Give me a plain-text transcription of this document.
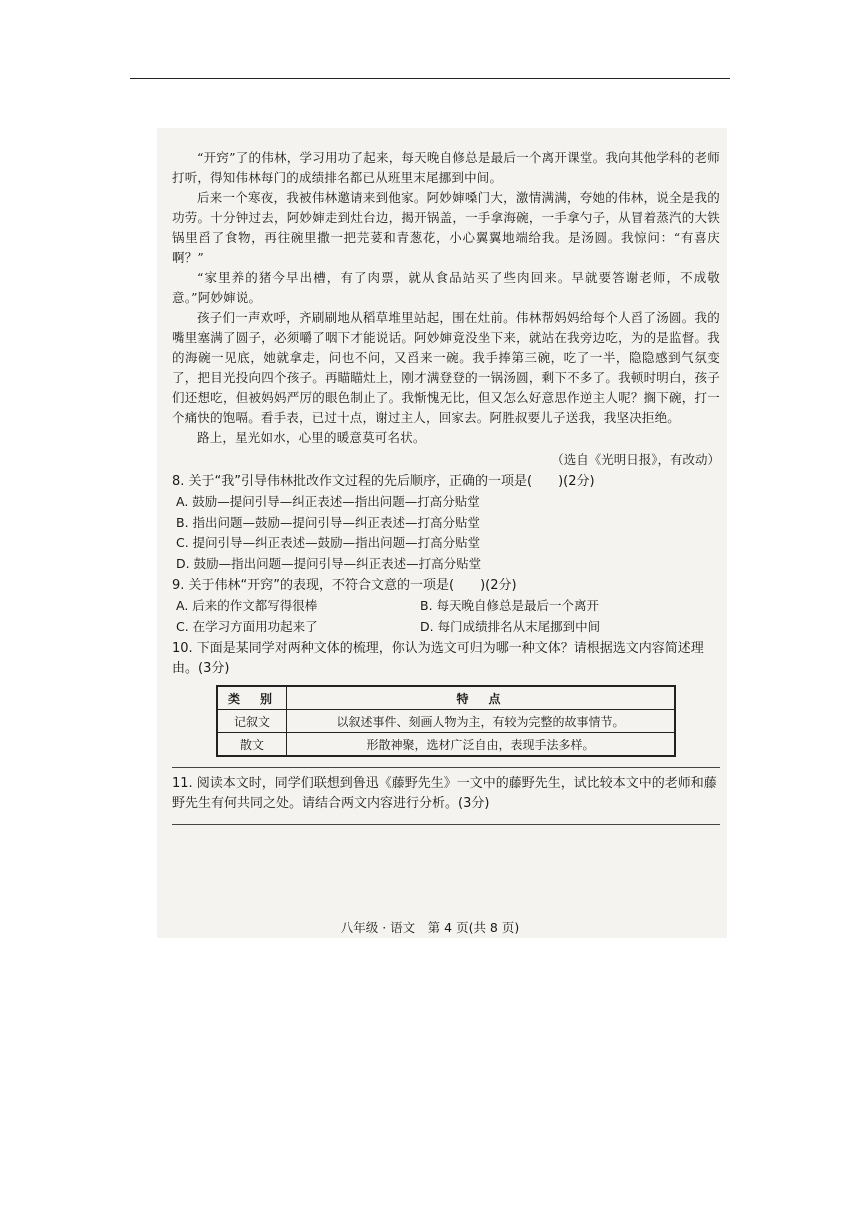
“开窍”了的伟林，学习用功了起来，每天晚自修总是最后一个离开课堂。我向其他学科的老师打听，得知伟林每门的成绩排名都已从班里末尾挪到中间。

后来一个寒夜，我被伟林邀请来到他家。阿妙婶嗓门大，激情满满，夸她的伟林，说全是我的功劳。十分钟过去，阿妙婶走到灶台边，揭开锅盖，一手拿海碗，一手拿勺子，从冒着蒸汽的大铁锅里舀了食物，再往碗里撒一把芫荽和青葱花，小心翼翼地端给我。是汤圆。我惊问：“有喜庆啊？”

“家里养的猪今早出槽，有了肉票，就从食品站买了些肉回来。早就要答谢老师，不成敬意。”阿妙婶说。

孩子们一声欢呼，齐刷刷地从稻草堆里站起，围在灶前。伟林帮妈妈给每个人舀了汤圆。我的嘴里塞满了圆子，必须嚼了咽下才能说话。阿妙婶竟没坐下来，就站在我旁边吃，为的是监督。我的海碗一见底，她就拿走，问也不问，又舀来一碗。我手捧第三碗，吃了一半，隐隐感到气氛变了，把目光投向四个孩子。再瞄瞄灶上，刚才满登登的一锅汤圆，剩下不多了。我顿时明白，孩子们还想吃，但被妈妈严厉的眼色制止了。我惭愧无比，但又怎么好意思作逆主人呢？搁下碗，打一个痛快的饱嗝。看手表，已过十点，谢过主人，回家去。阿胜叔要儿子送我，我坚决拒绝。

路上，星光如水，心里的暖意莫可名状。

（选自《光明日报》，有改动）

8. 关于“我”引导伟林批改作文过程的先后顺序，正确的一项是(　　)(2分)

A. 鼓励—提问引导—纠正表述—指出问题—打高分贴堂

B. 指出问题—鼓励—提问引导—纠正表述—打高分贴堂

C. 提问引导—纠正表述—鼓励—指出问题—打高分贴堂

D. 鼓励—指出问题—提问引导—纠正表述—打高分贴堂

9. 关于伟林“开窍”的表现，不符合文意的一项是(　　)(2分)

A. 后来的作文都写得很棒	B. 每天晚自修总是最后一个离开
C. 在学习方面用功起来了	D. 每门成绩排名从末尾挪到中间

10. 下面是某同学对两种文体的梳理，你认为选文可归为哪一种文体？请根据选文内容简述理由。(3分)

类　别	特　点
记叙文	以叙述事件、刻画人物为主，有较为完整的故事情节。
散文	形散神聚，选材广泛自由，表现手法多样。

11. 阅读本文时，同学们联想到鲁迅《藤野先生》一文中的藤野先生，试比较本文中的老师和藤野先生有何共同之处。请结合两文内容进行分析。(3分)

八年级 · 语文　第 4 页(共 8 页)
